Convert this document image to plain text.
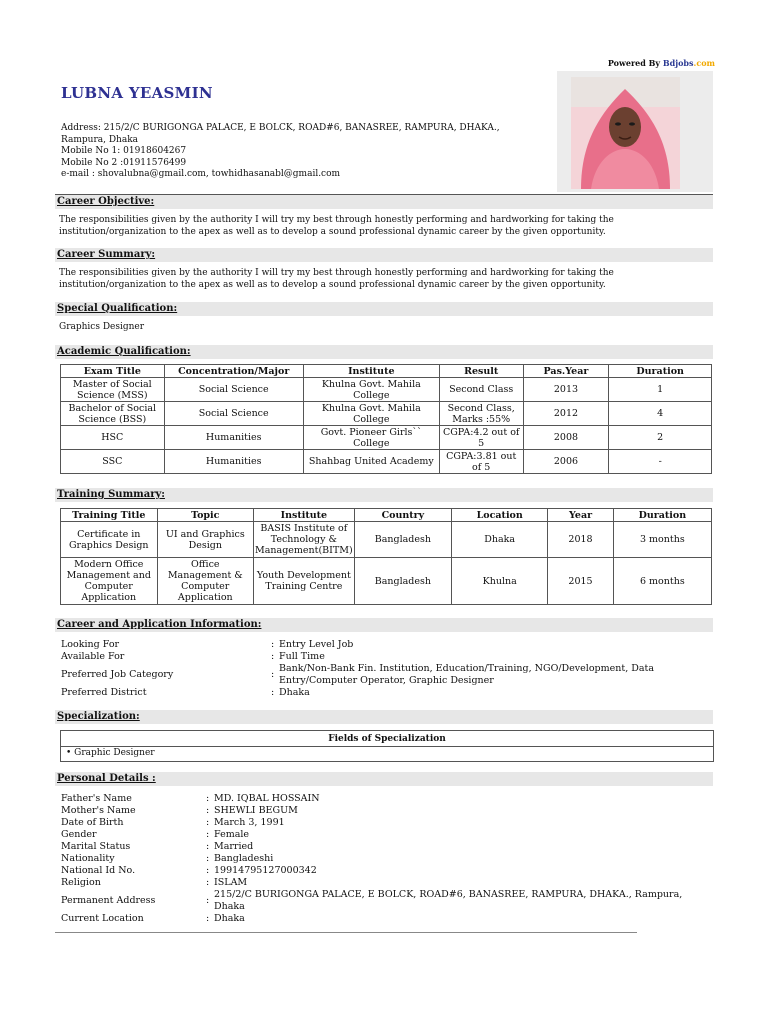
Powered By Bdjobs.com
LUBNA YEASMIN
Address: 215/2/C BURIGONGA PALACE, E BOLCK, ROAD#6, BANASREE, RAMPURA, DHAKA., Rampura, Dhaka
Mobile No 1: 01918604267
Mobile No 2 :01911576499
e-mail : shovalubna@gmail.com, towhidhasanabl@gmail.com
Career Objective:
The responsibilities given by the authority I will try my best through honestly performing and hardworking for taking the institution/organization to the apex as well as to develop a sound professional dynamic career by the given opportunity.
Career Summary:
The responsibilities given by the authority I will try my best through honestly performing and hardworking for taking the institution/organization to the apex as well as to develop a sound professional dynamic career by the given opportunity.
Special Qualification:
Graphics Designer
Academic Qualification:
Exam Title	Concentration/Major	Institute	Result	Pas.Year	Duration
Master of Social Science (MSS)	Social Science	Khulna Govt. Mahila College	Second Class	2013	1
Bachelor of Social Science (BSS)	Social Science	Khulna Govt. Mahila College	Second Class, Marks :55%	2012	4
HSC	Humanities	Govt. Pioneer Girls`` College	CGPA:4.2 out of 5	2008	2
SSC	Humanities	Shahbag United Academy	CGPA:3.81 out of 5	2006	-
Training Summary:
Training Title	Topic	Institute	Country	Location	Year	Duration
Certificate in Graphics Design	UI and Graphics Design	BASIS Institute of Technology & Management(BITM)	Bangladesh	Dhaka	2018	3 months
Modern Office Management and Computer Application	Office Management & Computer Application	Youth Development Training Centre	Bangladesh	Khulna	2015	6 months
Career and Application Information:
Looking For	: Entry Level Job
Available For	: Full Time
Preferred Job Category	:
Bank/Non-Bank Fin. Institution, Education/Training, NGO/Development, Data Entry/Computer Operator, Graphic Designer
Preferred District	: Dhaka
Specialization:
Fields of Specialization
• Graphic Designer
Personal Details :
Father's Name	: MD. IQBAL HOSSAIN
Mother's Name	: SHEWLI BEGUM
Date of Birth	: March 3, 1991
Gender	: Female
Marital Status	: Married
Nationality	: Bangladeshi
National Id No.	: 19914795127000342
Religion	: ISLAM
Permanent Address	:
215/2/C BURIGONGA PALACE, E BOLCK, ROAD#6, BANASREE, RAMPURA, DHAKA., Rampura, Dhaka
Current Location	: Dhaka
